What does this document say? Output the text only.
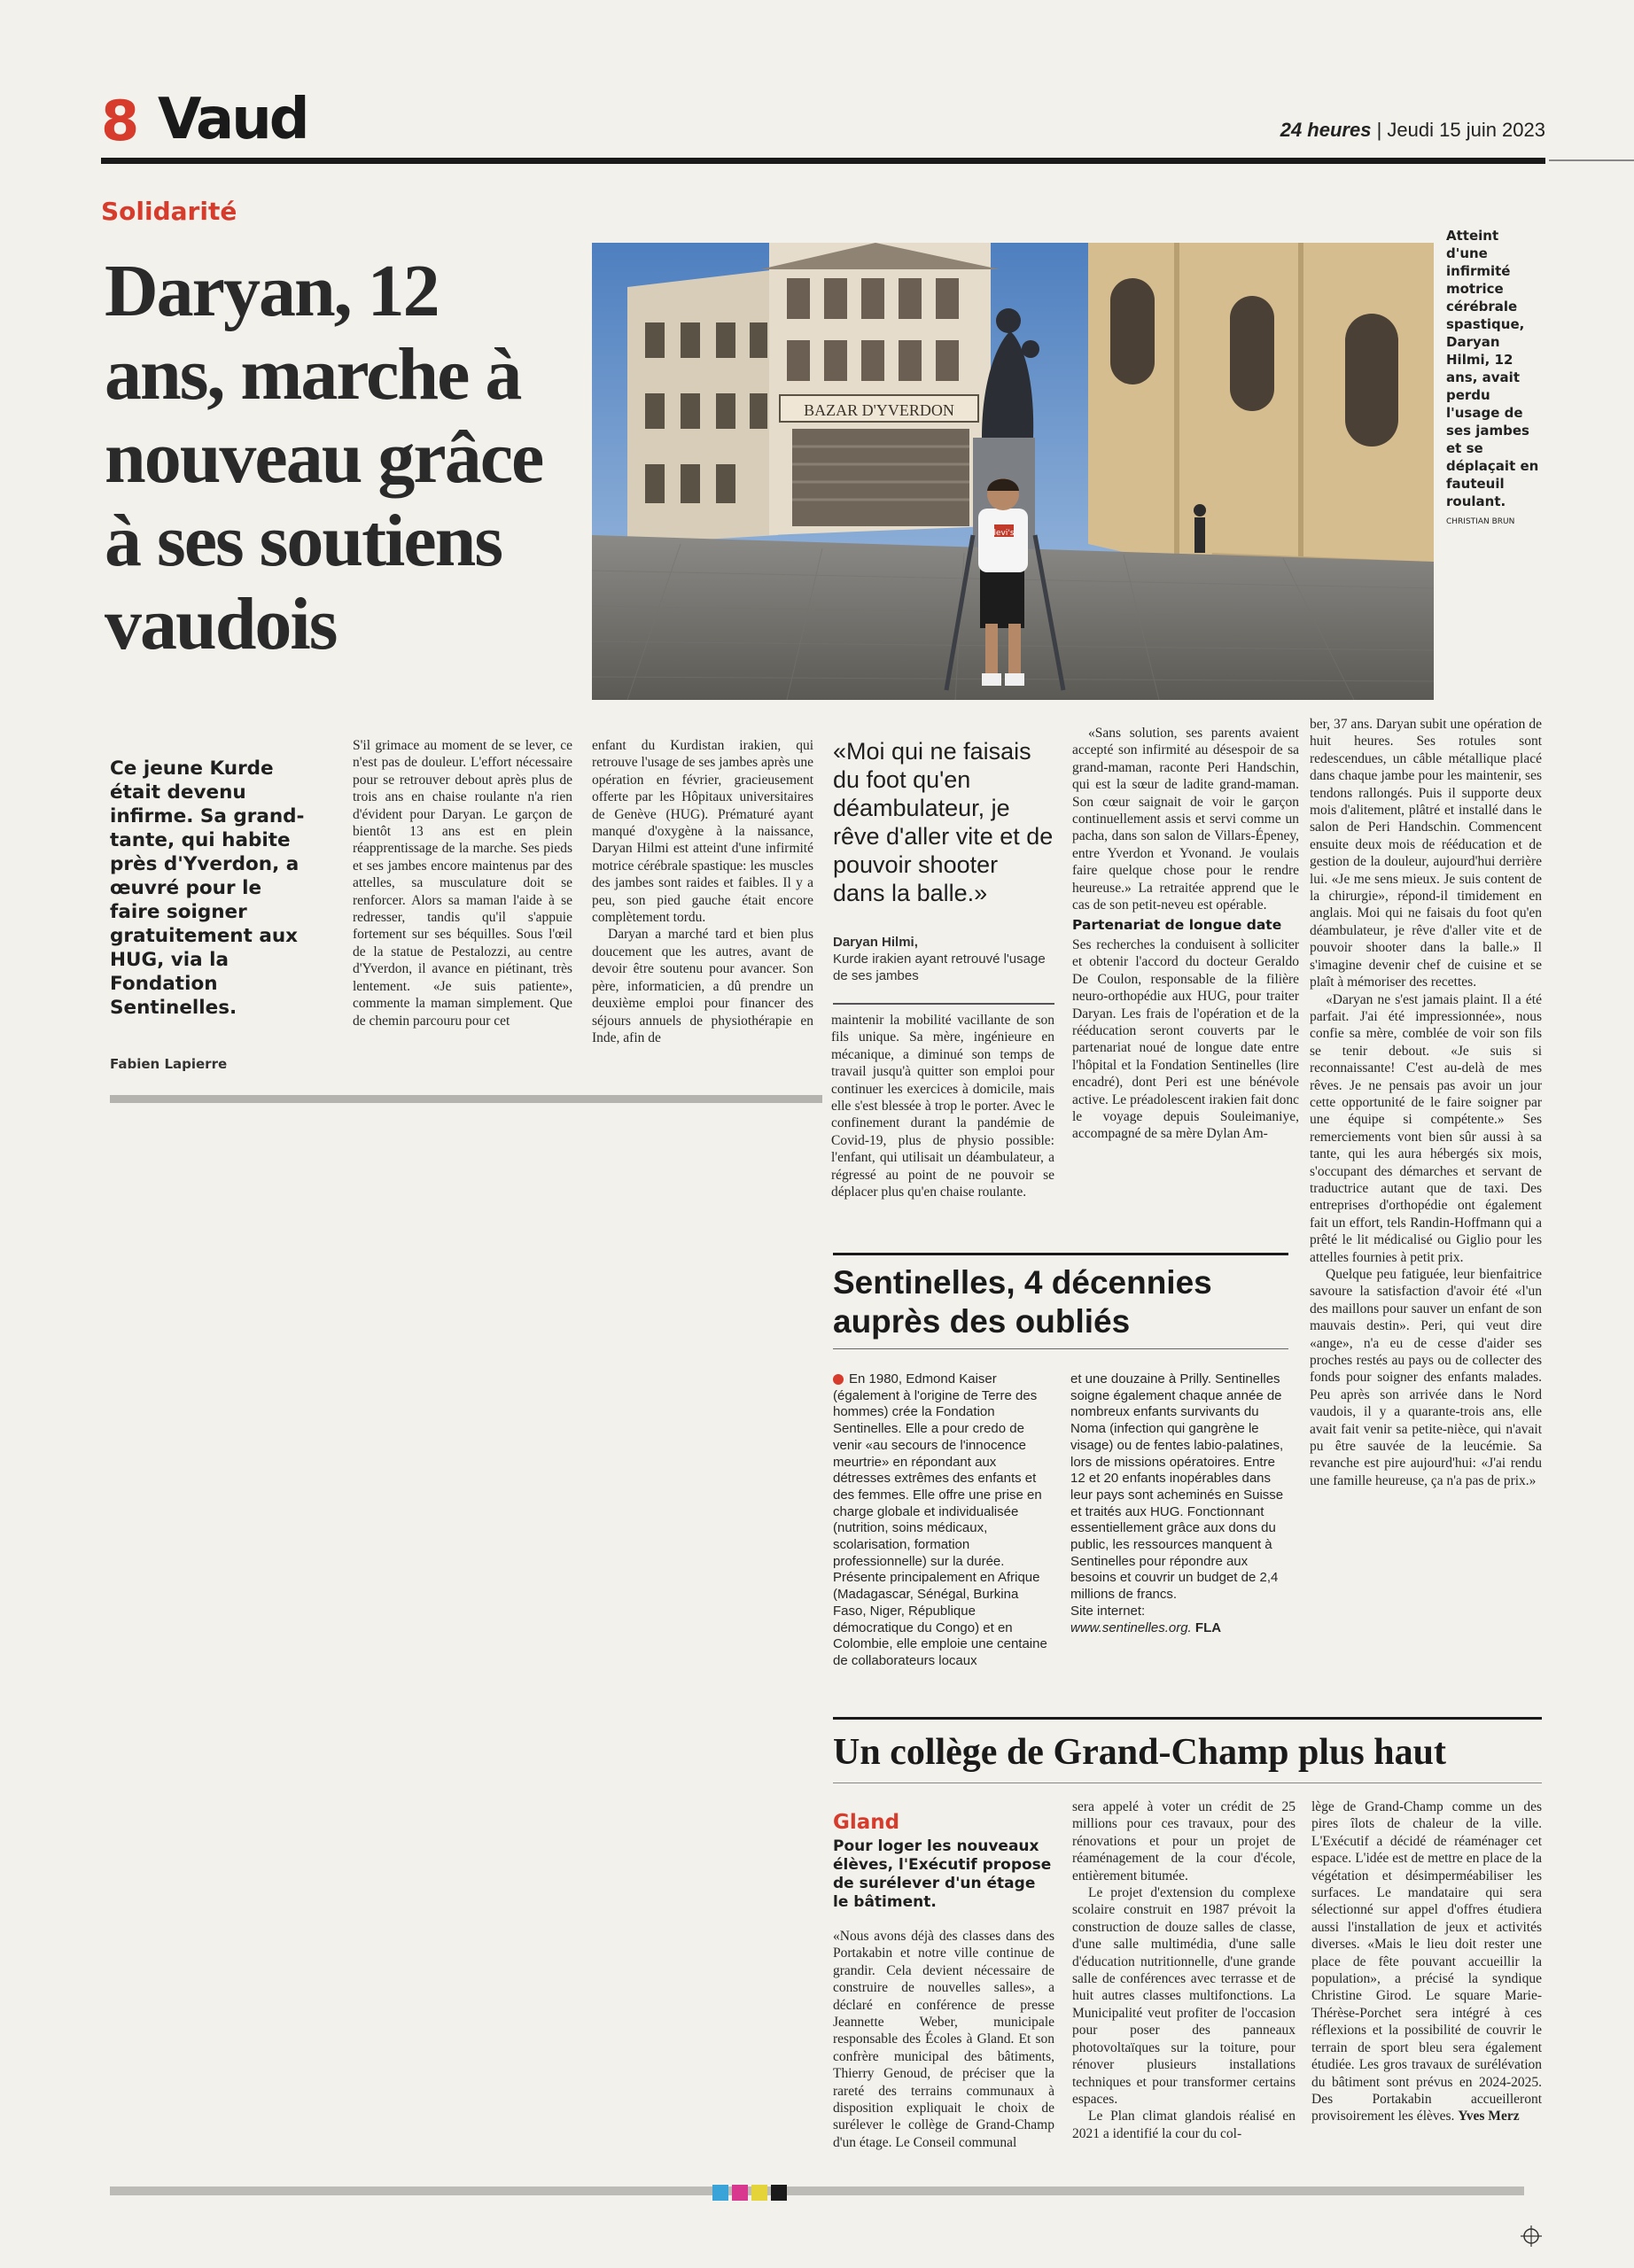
8 Vaud	24 heures | Jeudi 15 juin 2023
Solidarité
Daryan, 12 ans, marche à nouveau grâce à ses soutiens vaudois
BAZAR D'YVERDON
levi's
Atteint d'une infirmité motrice cérébrale spastique, Daryan Hilmi, 12 ans, avait perdu l'usage de ses jambes et se déplaçait en fauteuil roulant. CHRISTIAN BRUN
Ce jeune Kurde était devenu infirme. Sa grand-tante, qui habite près d'Yverdon, a œuvré pour le faire soigner gratuitement aux HUG, via la Fondation Sentinelles.
Fabien Lapierre

S'il grimace au moment de se lever, ce n'est pas de douleur. L'effort nécessaire pour se retrouver debout après plus de trois ans en chaise roulante n'a rien d'évident pour Daryan. Le garçon de bientôt 13 ans est en plein réapprentissage de la marche. Ses pieds et ses jambes encore maintenus par des attelles, sa musculature doit se renforcer. Alors sa maman l'aide à se redresser, tandis qu'il s'appuie fortement sur ses béquilles. Sous l'œil de la statue de Pestalozzi, au centre d'Yverdon, il avance en piétinant, très lentement. «Je suis patiente», commente la maman simplement. Que de chemin parcouru pour cet

enfant du Kurdistan irakien, qui retrouve l'usage de ses jambes après une opération en février, gracieusement offerte par les Hôpitaux universitaires de Genève (HUG). Prématuré ayant manqué d'oxygène à la naissance, Daryan Hilmi est atteint d'une infirmité motrice cérébrale spastique: les muscles des jambes sont raides et faibles. Il y a peu, son pied gauche était encore complètement tordu.

Daryan a marché tard et bien plus doucement que les autres, avant de devoir être soutenu pour avancer. Son père, informaticien, a dû prendre un deuxième emploi pour financer des séjours annuels de physiothérapie en Inde, afin de

«Moi qui ne faisais du foot qu'en déambulateur, je rêve d'aller vite et de pouvoir shooter dans la balle.»
Daryan Hilmi,
Kurde irakien ayant retrouvé l'usage de ses jambes

maintenir la mobilité vacillante de son fils unique. Sa mère, ingénieure en mécanique, a diminué son temps de travail jusqu'à quitter son emploi pour continuer les exercices à domicile, mais elle s'est blessée à trop le porter. Avec le confinement durant la pandémie de Covid-19, plus de physio possible: l'enfant, qui utilisait un déambulateur, a régressé au point de ne pouvoir se déplacer plus qu'en chaise roulante.

«Sans solution, ses parents avaient accepté son infirmité au désespoir de sa grand-maman, raconte Peri Handschin, qui est la sœur de ladite grand-maman. Son cœur saignait de voir le garçon continuellement assis et servi comme un pacha, dans son salon de Villars-Épeney, entre Yverdon et Yvonand. Je voulais faire quelque chose pour le rendre heureuse.» La retraitée apprend que le cas de son petit-neveu est opérable.

Partenariat de longue date

Ses recherches la conduisent à solliciter et obtenir l'accord du docteur Geraldo De Coulon, responsable de la filière neuro-orthopédie aux HUG, pour traiter Daryan. Les frais de l'opération et de la rééducation seront couverts par le partenariat noué de longue date entre l'hôpital et la Fondation Sentinelles (lire encadré), dont Peri est une bénévole active. Le préadolescent irakien fait donc le voyage depuis Souleimaniye, accompagné de sa mère Dylan Am-

ber, 37 ans. Daryan subit une opération de huit heures. Ses rotules sont redescendues, un câble métallique placé dans chaque jambe pour les maintenir, ses tendons rallongés. Puis il supporte deux mois d'alitement, plâtré et installé dans le salon de Peri Handschin. Commencent ensuite deux mois de rééducation et de gestion de la douleur, aujourd'hui derrière lui. «Je me sens mieux. Je suis content de la chirurgie», répond-il timidement en anglais. Moi qui ne faisais du foot qu'en déambulateur, je rêve d'aller vite et de pouvoir shooter dans la balle.» Il s'imagine devenir chef de cuisine et se plaît à mémoriser des recettes.

«Daryan ne s'est jamais plaint. Il a été parfait. J'ai été impressionnée», nous confie sa mère, comblée de voir son fils se tenir debout. «Je suis si reconnaissante! C'est au-delà de mes rêves. Je ne pensais pas avoir un jour cette opportunité de le faire soigner par une équipe si compétente.» Ses remerciements vont bien sûr aussi à sa tante, qui les aura hébergés six mois, s'occupant des démarches et servant de traductrice autant que de taxi. Des entreprises d'orthopédie ont également fait un effort, tels Randin-Hoffmann qui a prêté le lit médicalisé ou Giglio pour les attelles fournies à petit prix.

Quelque peu fatiguée, leur bienfaitrice savoure la satisfaction d'avoir été «l'un des maillons pour sauver un enfant de son mauvais destin». Peri, qui veut dire «ange», n'a eu de cesse d'aider ses proches restés au pays ou de collecter des fonds pour soigner des enfants malades. Peu après son arrivée dans le Nord vaudois, il y a quarante-trois ans, elle avait fait venir sa petite-nièce, qui n'avait pu être sauvée de la leucémie. Sa revanche est pire aujourd'hui: «J'ai rendu une famille heureuse, ça n'a pas de prix.»

Sentinelles, 4 décennies auprès des oubliés

En 1980, Edmond Kaiser (également à l'origine de Terre des hommes) crée la Fondation Sentinelles. Elle a pour credo de venir «au secours de l'innocence meurtrie» en répondant aux détresses extrêmes des enfants et des femmes. Elle offre une prise en charge globale et individualisée (nutrition, soins médicaux, scolarisation, formation professionnelle) sur la durée. Présente principalement en Afrique (Madagascar, Sénégal, Burkina Faso, Niger, République démocratique du Congo) et en Colombie, elle emploie une centaine de collaborateurs locaux

et une douzaine à Prilly. Sentinelles soigne également chaque année de nombreux enfants survivants du Noma (infection qui gangrène le visage) ou de fentes labio-palatines, lors de missions opératoires. Entre 12 et 20 enfants inopérables dans leur pays sont acheminés en Suisse et traités aux HUG. Fonctionnant essentiellement grâce aux dons du public, les ressources manquent à Sentinelles pour répondre aux besoins et couvrir un budget de 2,4 millions de francs.

Site internet:
www.sentinelles.org. FLA

Un collège de Grand-Champ plus haut
Gland
Pour loger les nouveaux élèves, l'Exécutif propose de surélever d'un étage le bâtiment.

«Nous avons déjà des classes dans des Portakabin et notre ville continue de grandir. Cela devient nécessaire de construire de nouvelles salles», a déclaré en conférence de presse Jeannette Weber, municipale responsable des Écoles à Gland. Et son confrère municipal des bâtiments, Thierry Genoud, de préciser que la rareté des terrains communaux à disposition expliquait le choix de surélever le collège de Grand-Champ d'un étage. Le Conseil communal

sera appelé à voter un crédit de 25 millions pour ces travaux, pour des rénovations et pour un projet de réaménagement de la cour d'école, entièrement bitumée.

Le projet d'extension du complexe scolaire construit en 1987 prévoit la construction de douze salles de classe, d'une salle multimédia, d'une salle d'éducation nutritionnelle, d'une grande salle de conférences avec terrasse et de huit autres classes multifonctions. La Municipalité veut profiter de l'occasion pour poser des panneaux photovoltaïques sur la toiture, pour rénover plusieurs installations techniques et pour transformer certains espaces.

Le Plan climat glandois réalisé en 2021 a identifié la cour du col-

lège de Grand-Champ comme un des pires îlots de chaleur de la ville. L'Exécutif a décidé de réaménager cet espace. L'idée est de mettre en place de la végétation et désimperméabiliser les surfaces. Le mandataire qui sera sélectionné sur appel d'offres étudiera aussi l'installation de jeux et activités diverses. «Mais le lieu doit rester une place de fête pouvant accueillir la population», a précisé la syndique Christine Girod. Le square Marie-Thérèse-Porchet sera intégré à ces réflexions et la possibilité de couvrir le terrain de sport bleu sera également étudiée. Les gros travaux de surélévation du bâtiment sont prévus en 2024-2025. Des Portakabin accueilleront provisoirement les élèves. Yves Merz
